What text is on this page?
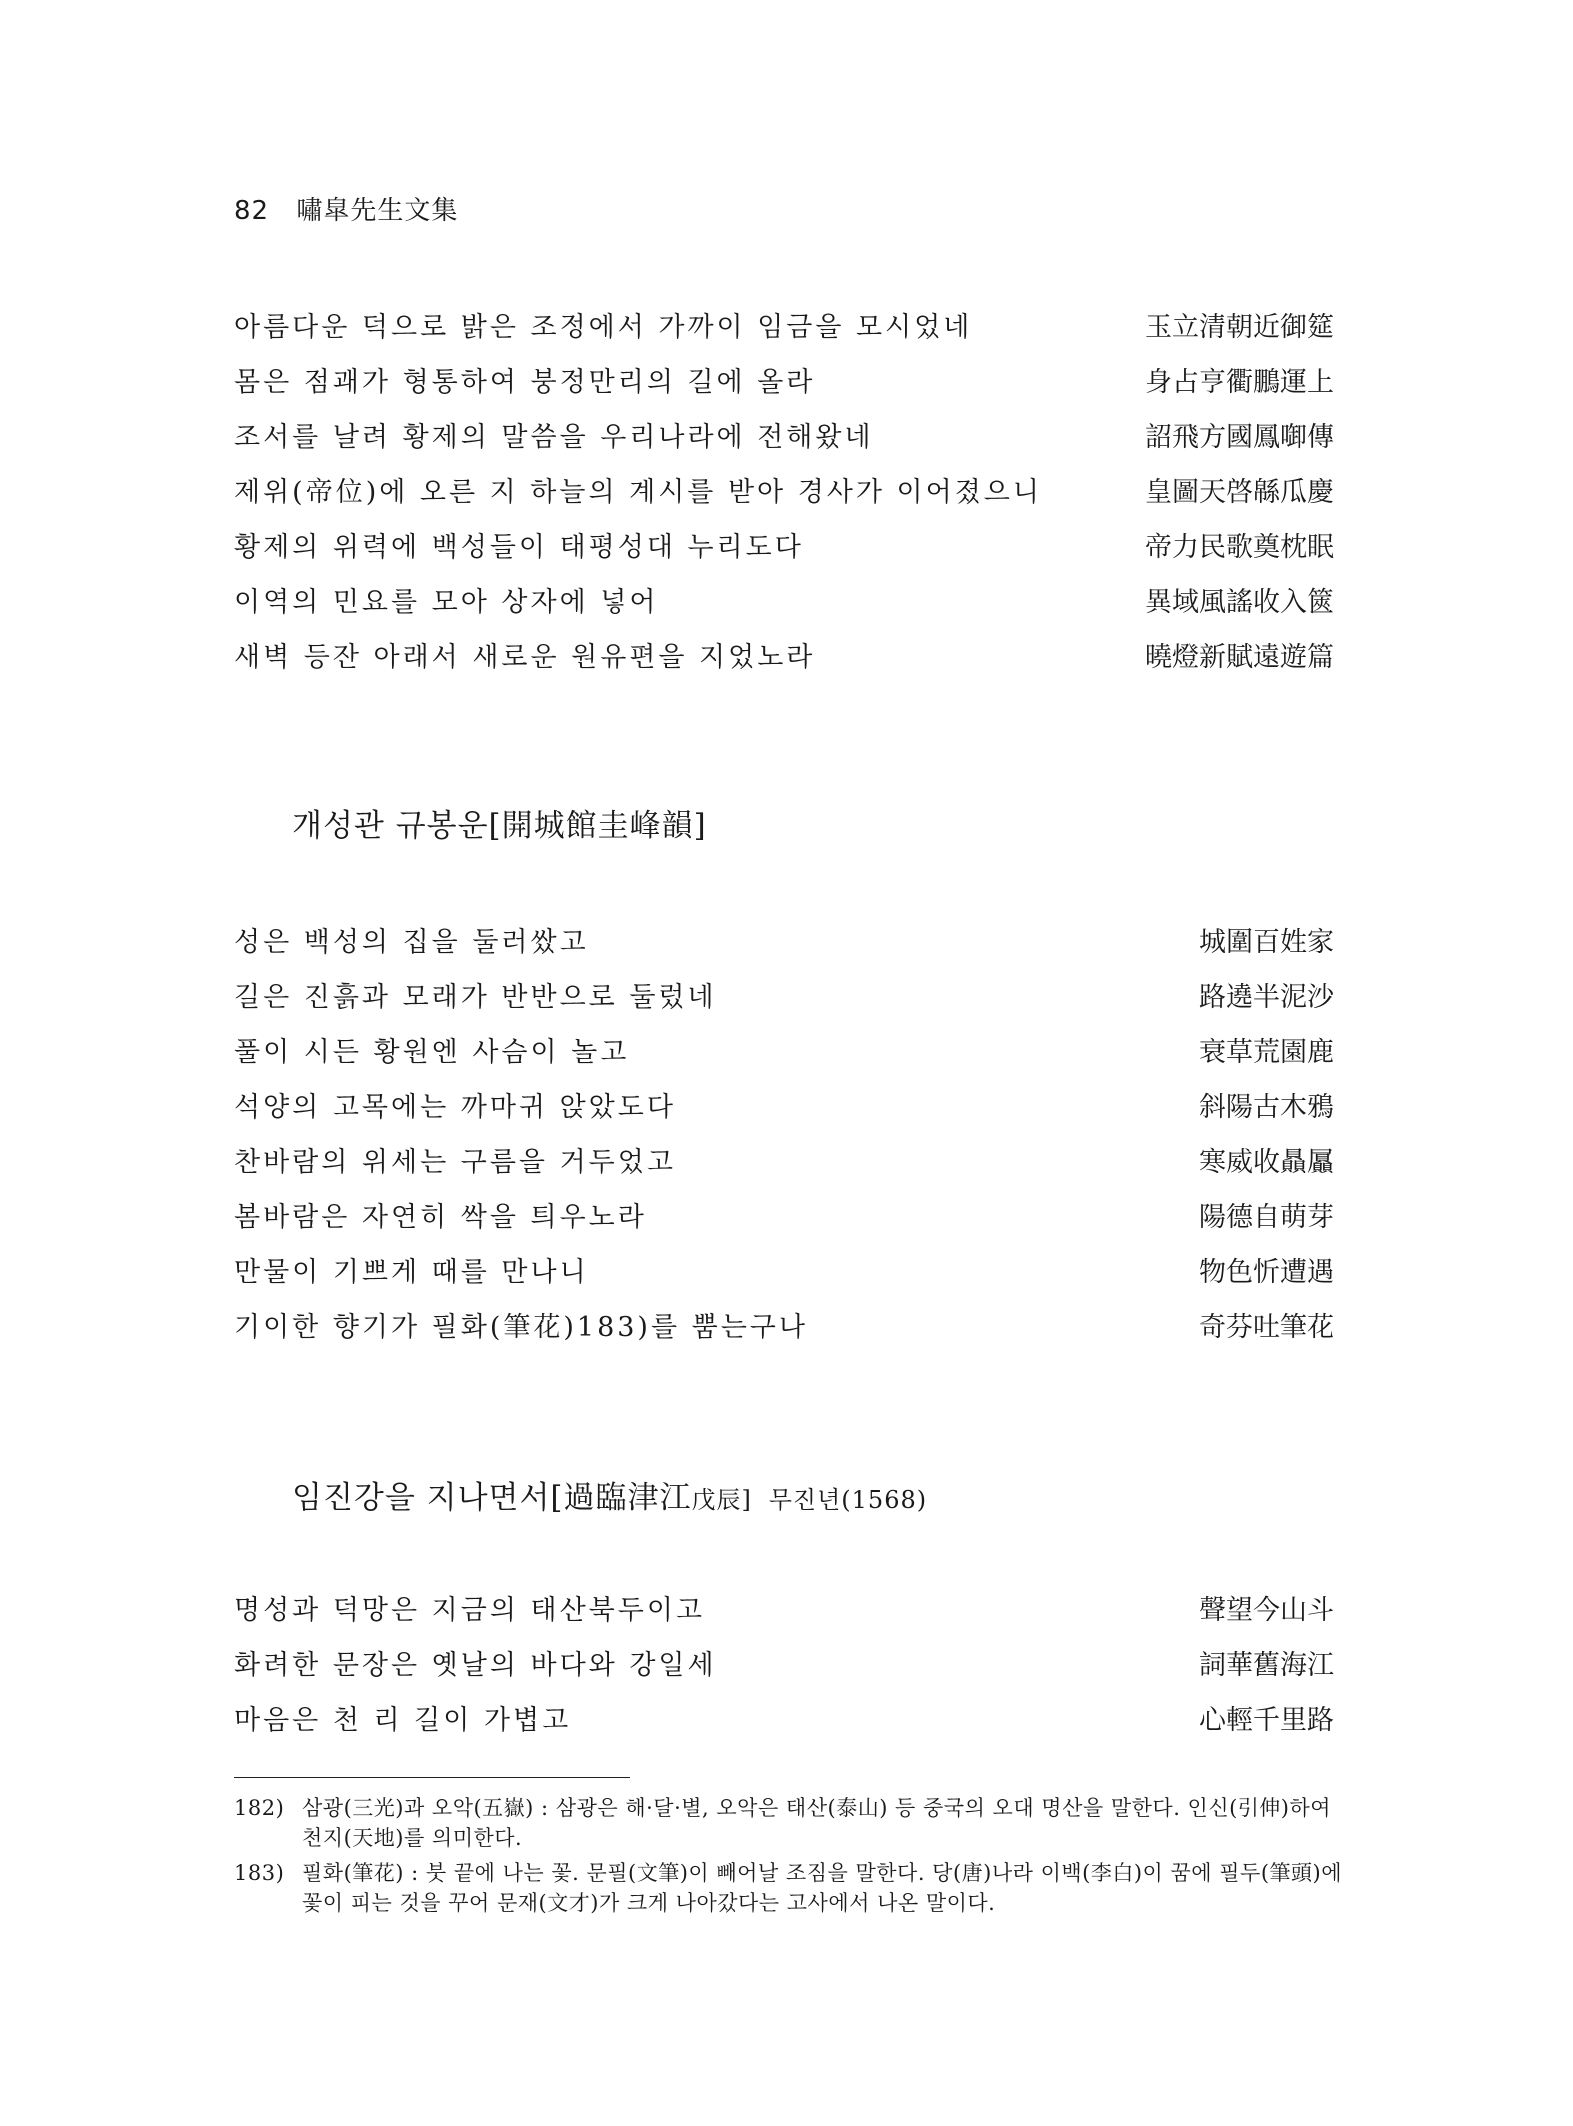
82 嘯皐先生文集
아름다운 덕으로 밝은 조정에서 가까이 임금을 모시었네	玉立清朝近御筵
몸은 점괘가 형통하여 붕정만리의 길에 올라	身占亨衢鵬運上
조서를 날려 황제의 말씀을 우리나라에 전해왔네	詔飛方國鳳啣傳
제위(帝位)에 오른 지 하늘의 계시를 받아 경사가 이어졌으니	皇圖天啓緜瓜慶
황제의 위력에 백성들이 태평성대 누리도다	帝力民歌奠枕眠
이역의 민요를 모아 상자에 넣어	異域風謠收入篋
새벽 등잔 아래서 새로운 원유편을 지었노라	曉燈新賦遠遊篇
개성관 규봉운[開城館圭峰韻]
성은 백성의 집을 둘러쌌고	城圍百姓家
길은 진흙과 모래가 반반으로 둘렀네	路遶半泥沙
풀이 시든 황원엔 사슴이 놀고	衰草荒園鹿
석양의 고목에는 까마귀 앉았도다	斜陽古木鴉
찬바람의 위세는 구름을 거두었고	寒威收贔屭
봄바람은 자연히 싹을 틔우노라	陽德自萌芽
만물이 기쁘게 때를 만나니	物色忻遭遇
기이한 향기가 필화(筆花)183)를 뿜는구나	奇芬吐筆花
임진강을 지나면서[過臨津江戊辰] 무진년(1568)
명성과 덕망은 지금의 태산북두이고	聲望今山斗
화려한 문장은 옛날의 바다와 강일세	詞華舊海江
마음은 천 리 길이 가볍고	心輕千里路
182) 삼광(三光)과 오악(五嶽) : 삼광은 해·달·별, 오악은 태산(泰山) 등 중국의 오대 명산을 말한다. 인신(引伸)하여 천지(天地)를 의미한다.
183) 필화(筆花) : 붓 끝에 나는 꽃. 문필(文筆)이 빼어날 조짐을 말한다. 당(唐)나라 이백(李白)이 꿈에 필두(筆頭)에 꽃이 피는 것을 꾸어 문재(文才)가 크게 나아갔다는 고사에서 나온 말이다.
